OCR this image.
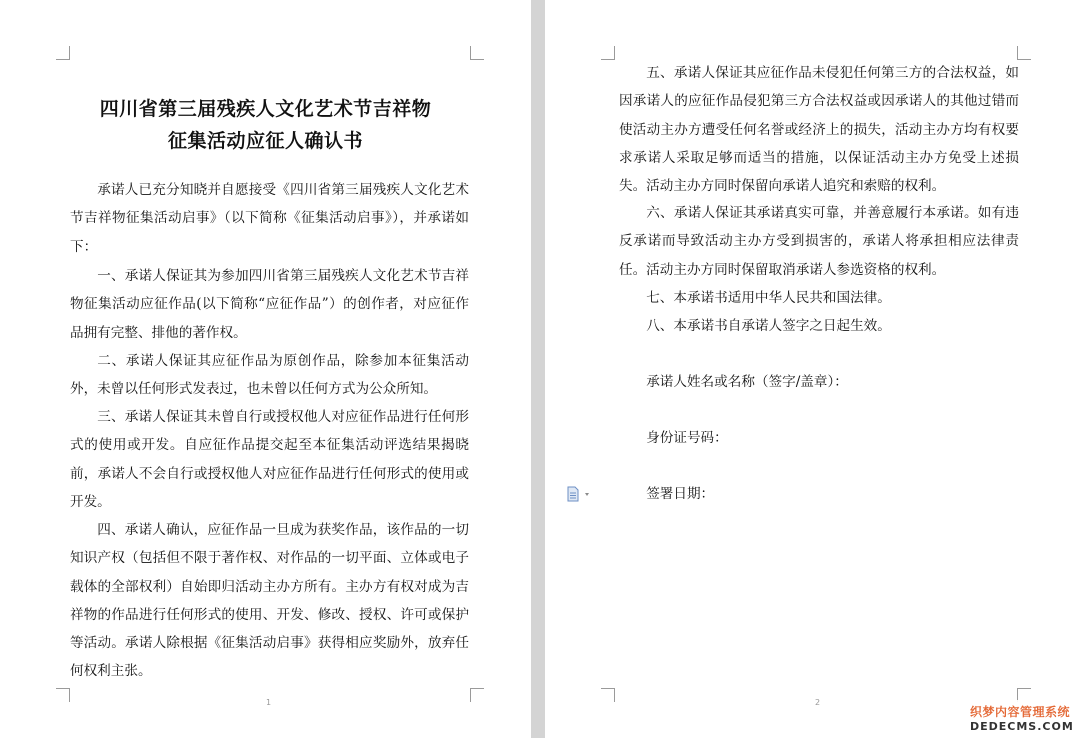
四川省第三届残疾人文化艺术节吉祥物
征集活动应征人确认书
承诺人已充分知晓并自愿接受《四川省第三届残疾人文化艺术节吉祥物征集活动启事》（以下简称《征集活动启事》），并承诺如下：
一、承诺人保证其为参加四川省第三届残疾人文化艺术节吉祥物征集活动应征作品(以下简称“应征作品”）的创作者，对应征作品拥有完整、排他的著作权。
二、承诺人保证其应征作品为原创作品，除参加本征集活动外，未曾以任何形式发表过，也未曾以任何方式为公众所知。
三、承诺人保证其未曾自行或授权他人对应征作品进行任何形式的使用或开发。自应征作品提交起至本征集活动评选结果揭晓前，承诺人不会自行或授权他人对应征作品进行任何形式的使用或开发。
四、承诺人确认，应征作品一旦成为获奖作品，该作品的一切知识产权（包括但不限于著作权、对作品的一切平面、立体或电子载体的全部权利）自始即归活动主办方所有。主办方有权对成为吉祥物的作品进行任何形式的使用、开发、修改、授权、许可或保护等活动。承诺人除根据《征集活动启事》获得相应奖励外，放弃任何权利主张。
1
五、承诺人保证其应征作品未侵犯任何第三方的合法权益，如因承诺人的应征作品侵犯第三方合法权益或因承诺人的其他过错而使活动主办方遭受任何名誉或经济上的损失，活动主办方均有权要求承诺人采取足够而适当的措施，以保证活动主办方免受上述损失。活动主办方同时保留向承诺人追究和索赔的权利。
六、承诺人保证其承诺真实可靠，并善意履行本承诺。如有违反承诺而导致活动主办方受到损害的，承诺人将承担相应法律责任。活动主办方同时保留取消承诺人参选资格的权利。
七、本承诺书适用中华人民共和国法律。
八、本承诺书自承诺人签字之日起生效。
承诺人姓名或名称（签字/盖章）：
身份证号码：
签署日期：
2
织梦内容管理系统
DEDECMS.COM
